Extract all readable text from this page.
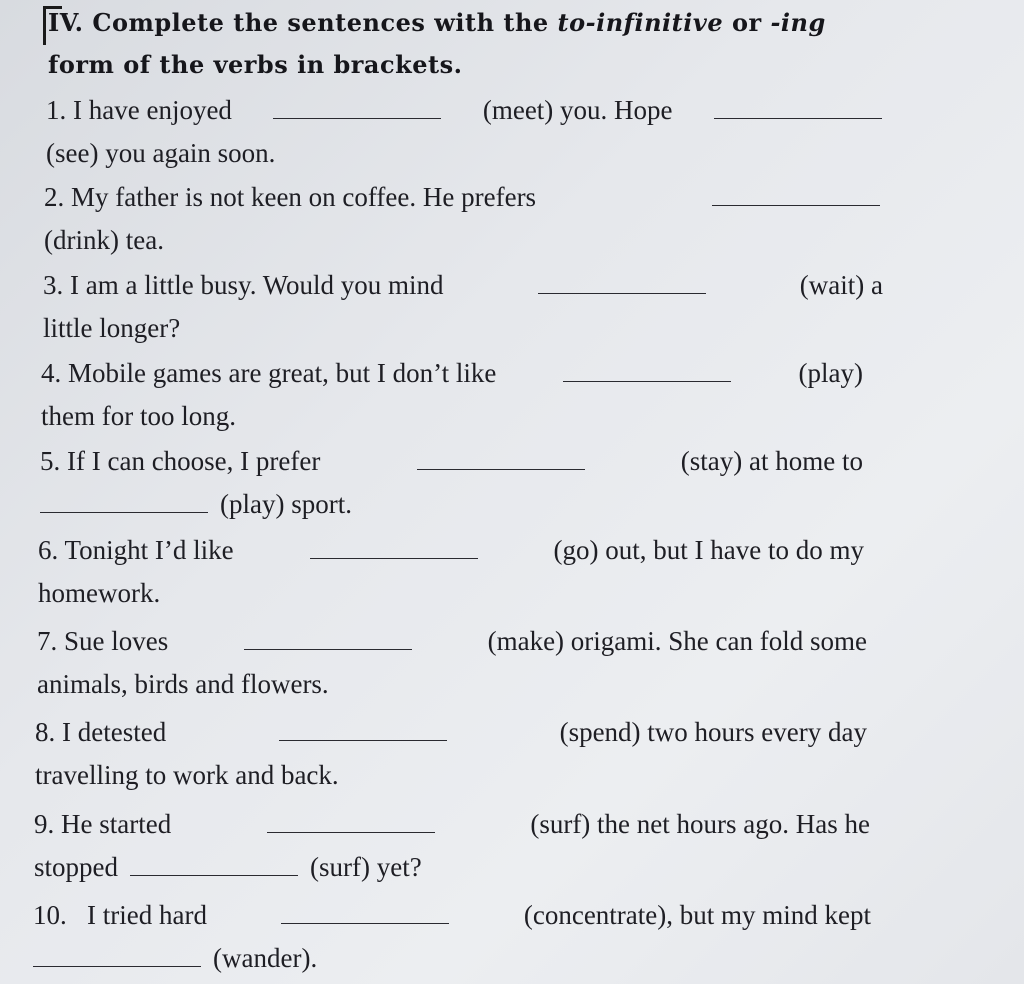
IV. Complete the sentences with the to-infinitive or -ing
form of the verbs in brackets.
1. I have enjoyed	(meet) you. Hope
(see) you again soon.
2. My father is not keen on coffee. He prefers
(drink) tea.
3. I am a little busy. Would you mind	(wait) a
little longer?
4. Mobile games are great, but I don’t like	(play)
them for too long.
5. If I can choose, I prefer	(stay) at home to
(play) sport.
6. Tonight I’d like	(go) out, but I have to do my
homework.
7. Sue loves	(make) origami. She can fold some
animals, birds and flowers.
8. I detested	(spend) two hours every day
travelling to work and back.
9. He started	(surf) the net hours ago. Has he
stopped	(surf) yet?
10. I tried hard	(concentrate), but my mind kept
(wander).
